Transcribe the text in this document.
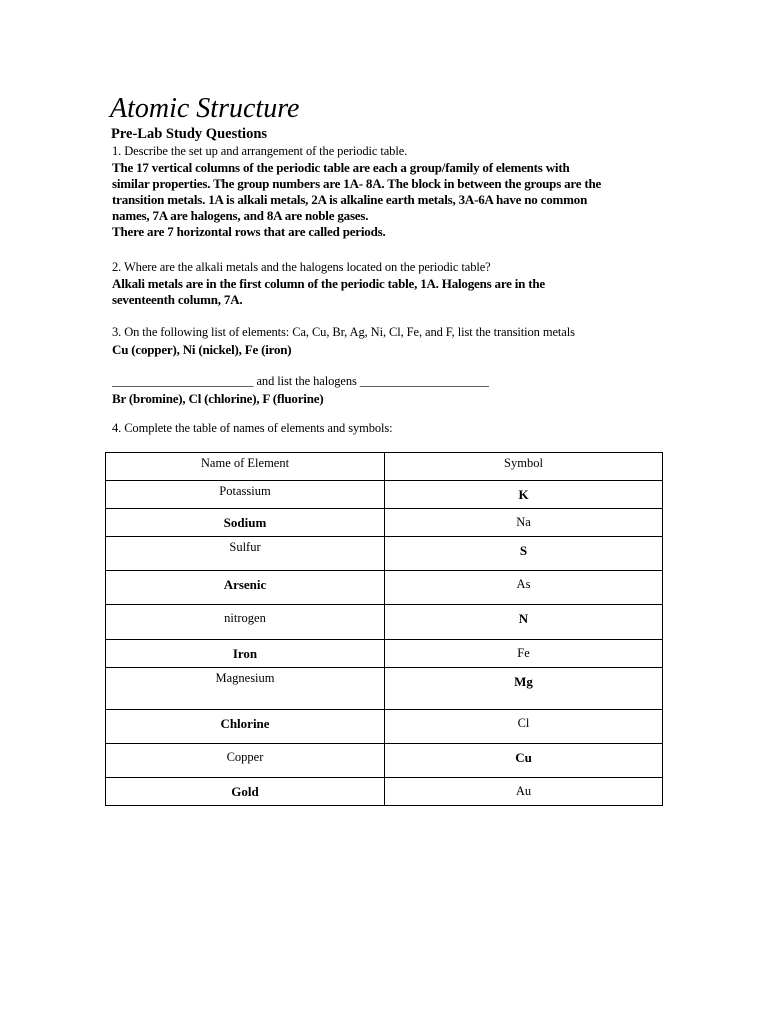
Atomic Structure
Pre-Lab Study Questions
1. Describe the set up and arrangement of the periodic table.
The 17 vertical columns of the periodic table are each a group/family of elements with
similar properties. The group numbers are 1A- 8A. The block in between the groups are the
transition metals. 1A is alkali metals, 2A is alkaline earth metals, 3A-6A have no common
names, 7A are halogens, and 8A are noble gases.
There are 7 horizontal rows that are called periods.
2. Where are the alkali metals and the halogens located on the periodic table?
Alkali metals are in the first column of the periodic table, 1A. Halogens are in the
seventeenth column, 7A.
3. On the following list of elements: Ca, Cu, Br, Ag, Ni, Cl, Fe, and F, list the transition metals
Cu (copper), Ni (nickel), Fe (iron)
_______________________ and list the halogens _____________________
Br (bromine), Cl (chlorine), F (fluorine)
4. Complete the table of names of elements and symbols:
Name of Element	Symbol

Potassium	K

Sodium	Na

Sulfur	S

Arsenic	As

nitrogen	N

Iron	Fe

Magnesium	Mg

Chlorine	Cl

Copper	Cu

Gold	Au
